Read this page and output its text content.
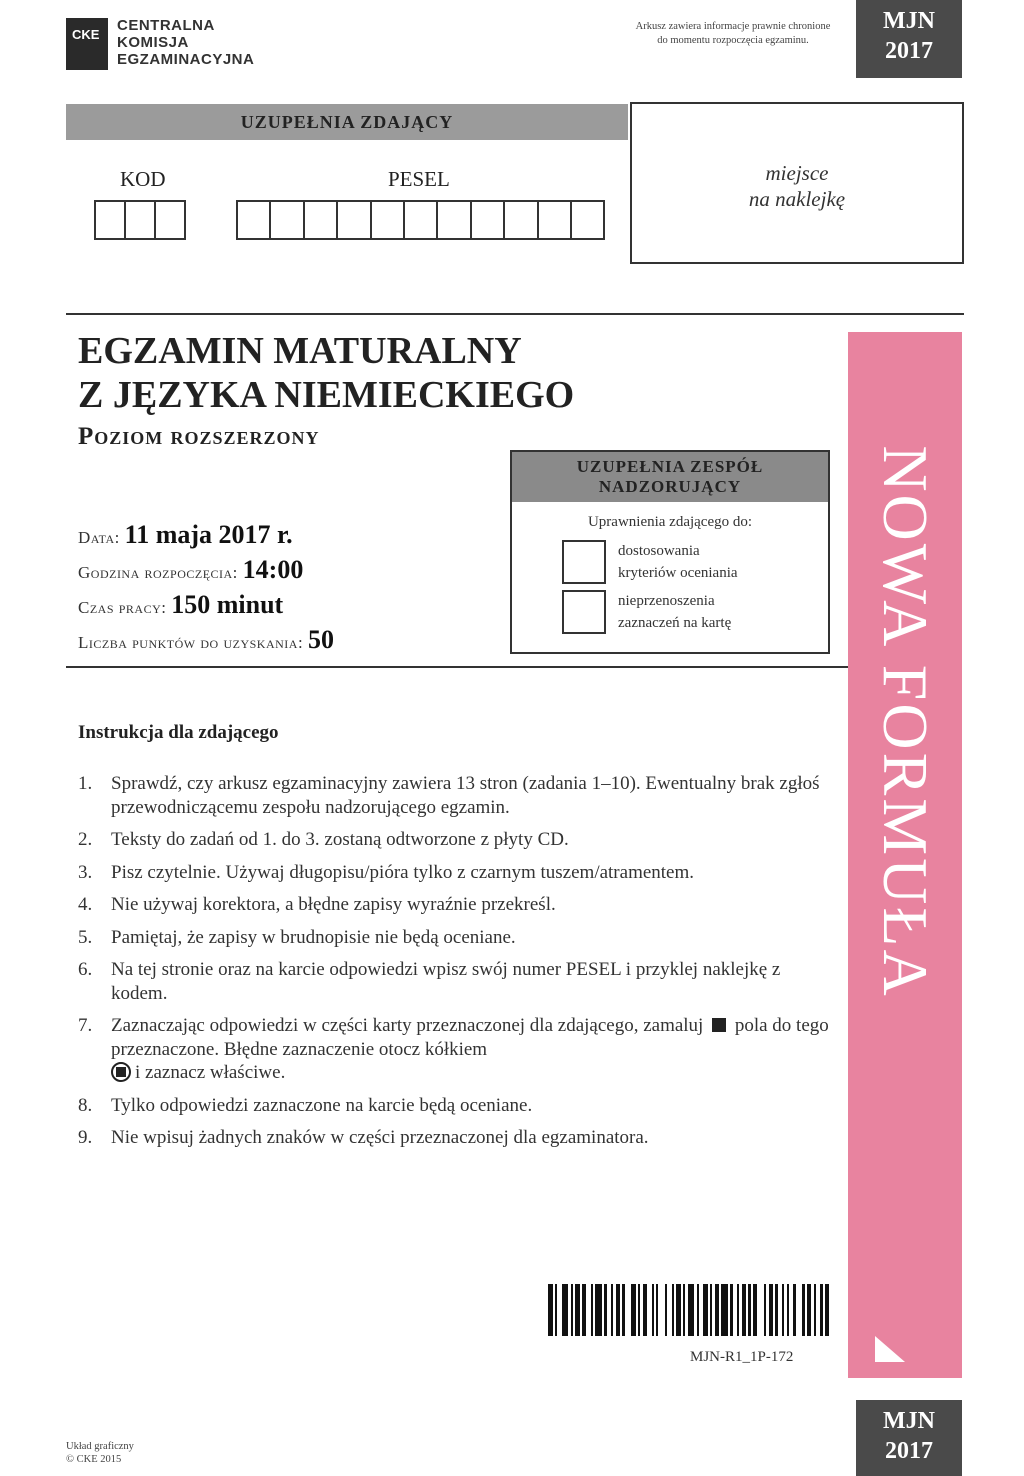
CKE
CENTRALNA
KOMISJA
EGZAMINACYJNA
Arkusz zawiera informacje prawnie chronione do momentu rozpoczęcia egzaminu.
MJN
2017
UZUPEŁNIA ZDAJĄCY
KOD	PESEL	miejsce
na naklejkę
NOWA FORMUŁA
EGZAMIN MATURALNY
Z JĘZYKA NIEMIECKIEGO
Poziom rozszerzony
Data: 11 maja 2017 r.
Godzina rozpoczęcia: 14:00
Czas pracy: 150 minut
Liczba punktów do uzyskania: 50
UZUPEŁNIA ZESPÓŁ
NADZORUJĄCY
Uprawnienia zdającego do:
dostosowania
kryteriów oceniania
nieprzenoszenia
zaznaczeń na kartę
Instrukcja dla zdającego
1. Sprawdź, czy arkusz egzaminacyjny zawiera 13 stron (zadania 1–10). Ewentualny brak zgłoś przewodniczącemu zespołu nadzorującego egzamin.
2. Teksty do zadań od 1. do 3. zostaną odtworzone z płyty CD.
3. Pisz czytelnie. Używaj długopisu/pióra tylko z czarnym tuszem/atramentem.
4. Nie używaj korektora, a błędne zapisy wyraźnie przekreśl.
5. Pamiętaj, że zapisy w brudnopisie nie będą oceniane.
6. Na tej stronie oraz na karcie odpowiedzi wpisz swój numer PESEL i przyklej naklejkę z kodem.
7. Zaznaczając odpowiedzi w części karty przeznaczonej dla zdającego, zamaluj pola do tego przeznaczone. Błędne zaznaczenie otocz kółkiem
i zaznacz właściwe.
8. Tylko odpowiedzi zaznaczone na karcie będą oceniane.
9. Nie wpisuj żadnych znaków w części przeznaczonej dla egzaminatora.
MJN-R1_1P-172
Układ graficzny
© CKE 2015
MJN
2017
